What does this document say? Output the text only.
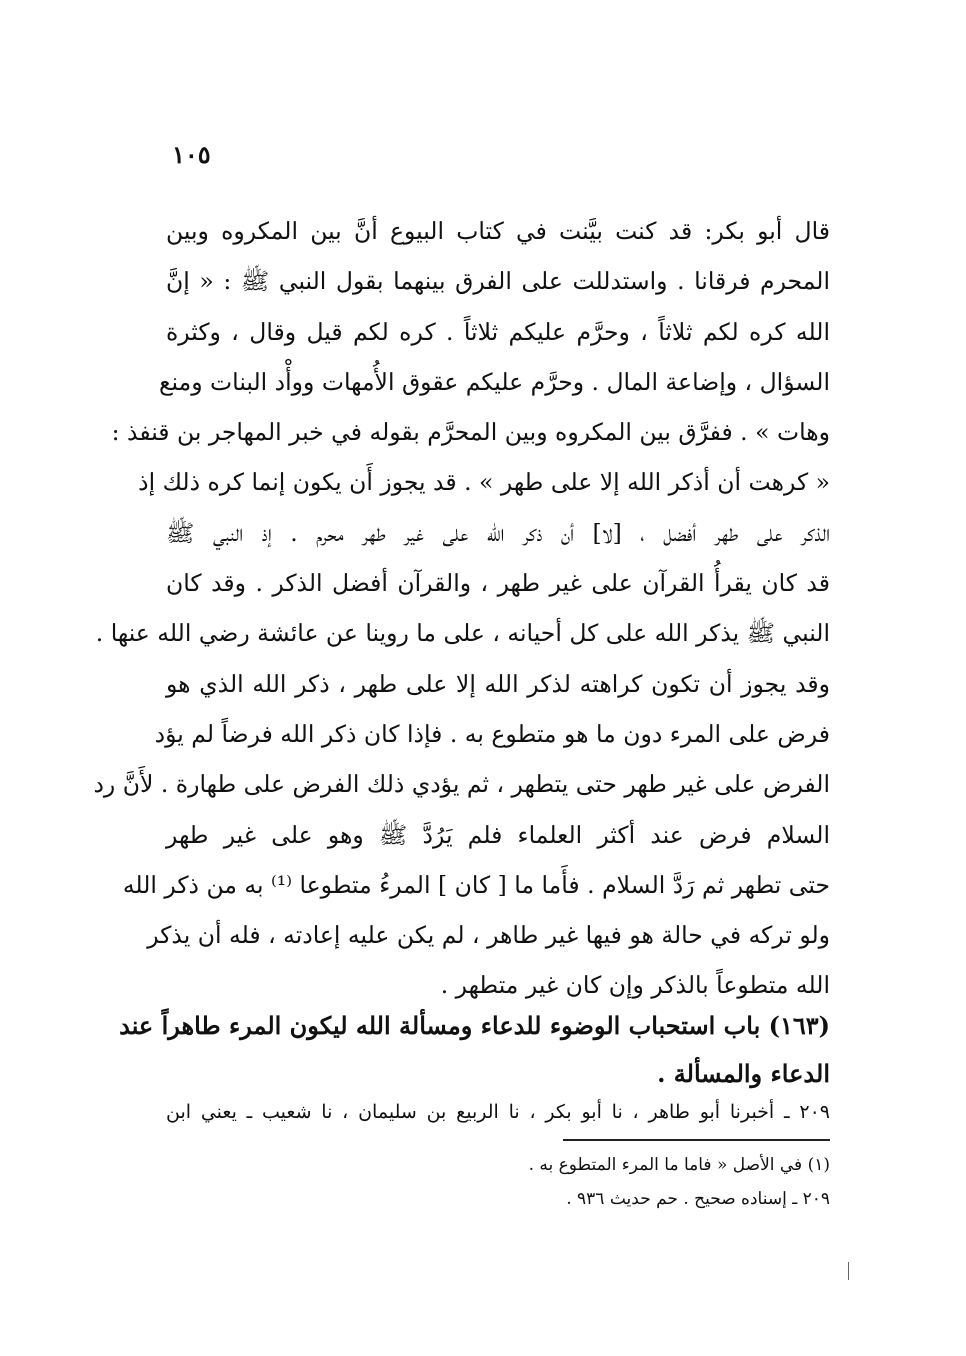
١٠٥
قال أبو بكر: قد كنت بيَّنت في كتاب البيوع أنَّ بين المكروه وبين
المحرم فرقانا . واستدللت على الفرق بينهما بقول النبي ﷺ : « إنَّ
الله كره لكم ثلاثاً ، وحرَّم عليكم ثلاثاً . كره لكم قيل وقال ، وكثرة
السؤال ، وإضاعة المال . وحرَّم عليكم عقوق الأُمهات ووأْد البنات ومنع
وهات » . ففرَّق بين المكروه وبين المحرَّم بقوله في خبر المهاجر بن قنفذ :
« كرهت أن أذكر الله إلا على طهر » . قد يجوز أَن يكون إنما كره ذلك إذ
الذكر على طهر أفضل ، [لا] أن ذكر الله على غير طهر محرم . إذ النبي ﷺ
قد كان يقرأُ القرآن على غير طهر ، والقرآن أفضل الذكر . وقد كان
النبي ﷺ يذكر الله على كل أحيانه ، على ما روينا عن عائشة رضي الله عنها .
وقد يجوز أن تكون كراهته لذكر الله إلا على طهر ، ذكر الله الذي هو
فرض على المرء دون ما هو متطوع به . فإذا كان ذكر الله فرضاً لم يؤد
الفرض على غير طهر حتى يتطهر ، ثم يؤدي ذلك الفرض على طهارة . لأَنَّ رد
السلام فرض عند أكثر العلماء فلم يَرُدَّ ﷺ وهو على غير طهر
حتى تطهر ثم رَدَّ السلام . فأَما ما [ كان ] المرءُ متطوعا ⁽¹⁾ به من ذكر الله
ولو تركه في حالة هو فيها غير طاهر ، لم يكن عليه إعادته ، فله أن يذكر
الله متطوعاً بالذكر وإن كان غير متطهر .
(١٦٣) باب استحباب الوضوء للدعاء ومسألة الله ليكون المرء طاهراً عند
الدعاء والمسألة .
٢٠٩ ـ أخبرنا أبو طاهر ، نا أبو بكر ، نا الربيع بن سليمان ، نا شعيب ـ يعني ابن
(١) في الأصل « فاما ما المرء المتطوع به .
٢٠٩ ـ إسناده صحيح . حم حديث ٩٣٦ .
